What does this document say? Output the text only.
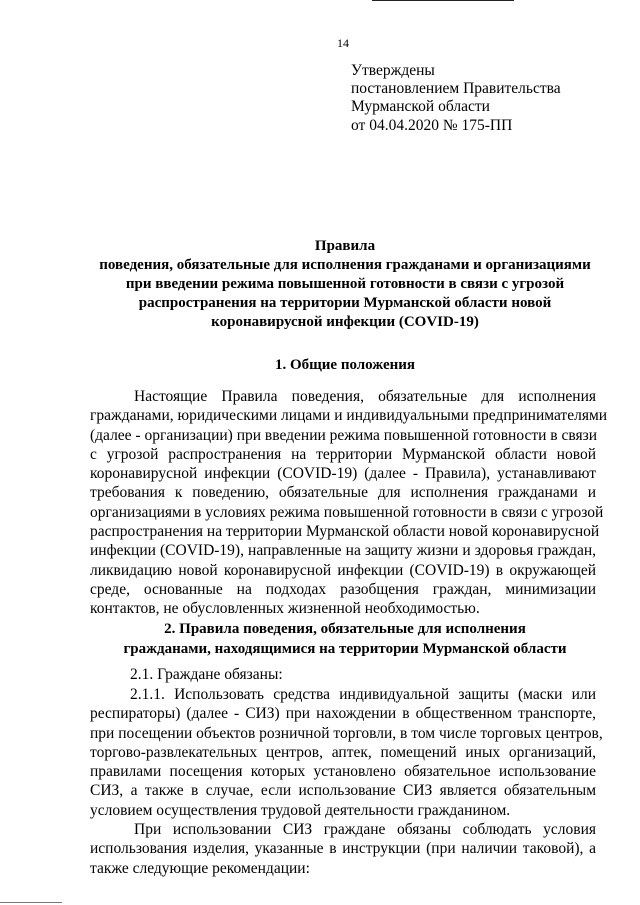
14
Утверждены
постановлением Правительства
Мурманской области
от 04.04.2020 № 175-ПП
Правила
поведения, обязательные для исполнения гражданами и организациями
при введении режима повышенной готовности в связи с угрозой
распространения на территории Мурманской области новой
коронавирусной инфекции (COVID-19)
1. Общие положения
Настоящие Правила поведения, обязательные для исполнения
гражданами, юридическими лицами и индивидуальными предпринимателями
(далее - организации) при введении режима повышенной готовности в связи
с угрозой распространения на территории Мурманской области новой
коронавирусной инфекции (COVID-19) (далее - Правила), устанавливают
требования к поведению, обязательные для исполнения гражданами и
организациями в условиях режима повышенной готовности в связи с угрозой
распространения на территории Мурманской области новой коронавирусной
инфекции (COVID-19), направленные на защиту жизни и здоровья граждан,
ликвидацию новой коронавирусной инфекции (COVID-19) в окружающей
среде, основанные на подходах разобщения граждан, минимизации
контактов, не обусловленных жизненной необходимостью.
2. Правила поведения, обязательные для исполнения
гражданами, находящимися на территории Мурманской области
2.1. Граждане обязаны:
2.1.1. Использовать средства индивидуальной защиты (маски или
респираторы) (далее - СИЗ) при нахождении в общественном транспорте,
при посещении объектов розничной торговли, в том числе торговых центров,
торгово-развлекательных центров, аптек, помещений иных организаций,
правилами посещения которых установлено обязательное использование
СИЗ, а также в случае, если использование СИЗ является обязательным
условием осуществления трудовой деятельности гражданином.
При использовании СИЗ граждане обязаны соблюдать условия
использования изделия, указанные в инструкции (при наличии таковой), а
также следующие рекомендации:
